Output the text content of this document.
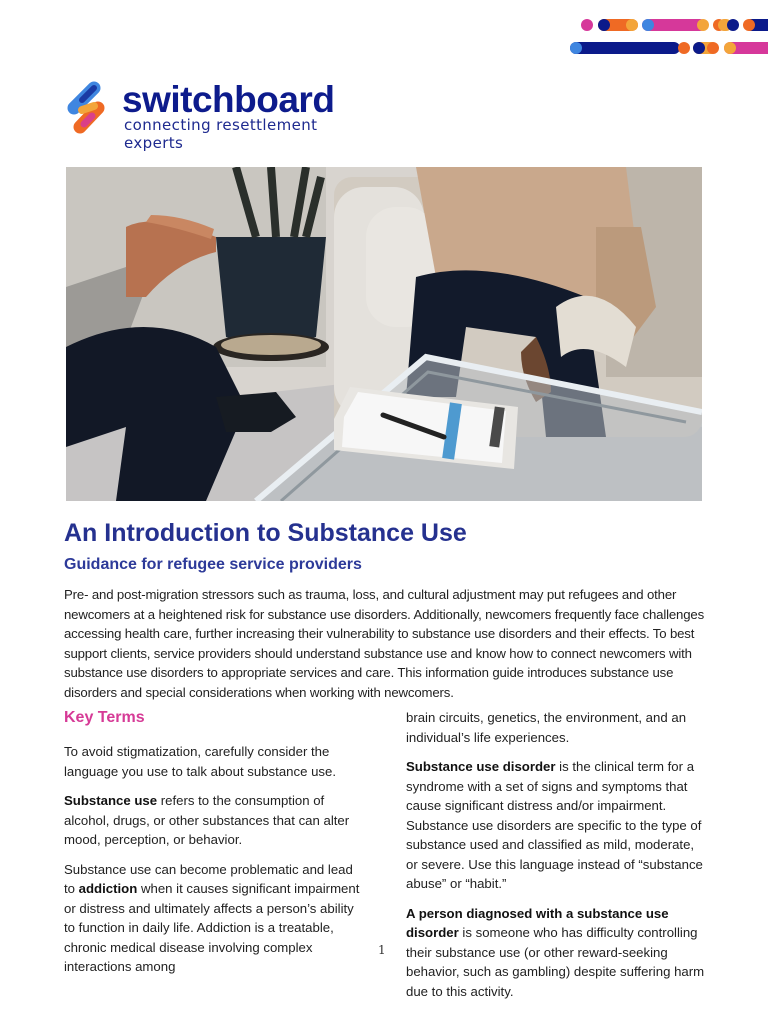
switchboard
connecting resettlement experts
An Introduction to Substance Use
Guidance for refugee service providers

Pre- and post-migration stressors such as trauma, loss, and cultural adjustment may put refugees and other newcomers at a heightened risk for substance use disorders. Additionally, newcomers frequently face challenges accessing health care, further increasing their vulnerability to substance use disorders and their effects. To best support clients, service providers should understand substance use and know how to connect newcomers with substance use disorders to appropriate services and care. This information guide introduces substance use disorders and special considerations when working with newcomers.

Key Terms

To avoid stigmatization, carefully consider the language you use to talk about substance use.

Substance use refers to the consumption of alcohol, drugs, or other substances that can alter mood, perception, or behavior.

Substance use can become problematic and lead to addiction when it causes significant impairment or distress and ultimately affects a person’s ability to function in daily life. Addiction is a treatable, chronic medical disease involving complex interactions among

brain circuits, genetics, the environment, and an individual’s life experiences.

Substance use disorder is the clinical term for a syndrome with a set of signs and symptoms that cause significant distress and/or impairment. Substance use disorders are specific to the type of substance used and classified as mild, moderate, or severe. Use this language instead of “substance abuse” or “habit.”

A person diagnosed with a substance use disorder is someone who has difficulty controlling their substance use (or other reward-seeking behavior, such as gambling) despite suffering harm due to this activity.

1
